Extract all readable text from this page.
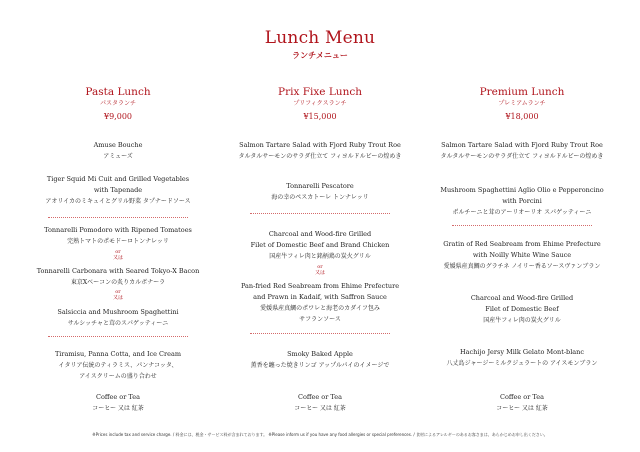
Lunch Menu
ランチメニュー
Pasta Lunch
パスタランチ
¥9,000
Amuse Bouche
アミューズ
Tiger Squid Mi Cuit and Grilled Vegetables
with Tapenade
アオリイカのミキュイとグリル野菜 タプナードソース
Tonnarelli Pomodoro with Ripened Tomatoes
完熟トマトのポモドーロトンナレッリ
or
又は
Tonnarelli Carbonara with Seared Tokyo-X Bacon
東京Xベーコンの炙りカルボナーラ
or
又は
Salsiccia and Mushroom Spaghettini
サルシッチャと茸のスパゲッティーニ
Tiramisu, Panna Cotta, and Ice Cream
イタリア伝統のティラミス、パンナコッタ、
アイスクリームの盛り合わせ
Coffee or Tea
コーヒー 又は 紅茶
Prix Fixe Lunch
プリフィクスランチ
¥15,000
Salmon Tartare Salad with Fjord Ruby Trout Roe
タルタルサーモンのサラダ仕立て フィヨルドルビーの煌めき
Tonnarelli Pescatore
海の幸のペスカトーレ トンナレッリ
Charcoal and Wood-fire Grilled
Filet of Domestic Beef and Brand Chicken
国産牛フィレ肉と銘柄鶏の炭火グリル
or
又は
Pan-fried Red Seabream from Ehime Prefecture
and Prawn in Kadaif, with Saffron Sauce
愛媛県産真鯛のポワレと海老のカダイフ包み
サフランソース
Smoky Baked Apple
薫香を纏った焼きリンゴ アップルパイのイメージで
Coffee or Tea
コーヒー 又は 紅茶
Premium Lunch
プレミアムランチ
¥18,000
Salmon Tartare Salad with Fjord Ruby Trout Roe
タルタルサーモンのサラダ仕立て フィヨルドルビーの煌めき
Mushroom Spaghettini Aglio Olio e Pepperoncino
with Porcini
ポルチーニと茸のアーリオーリオ スパゲッティーニ
Gratin of Red Seabream from Ehime Prefecture
with Noilly White Wine Sauce
愛媛県産真鯛のグラチネ ノイリー香るソースヴァンブラン
Charcoal and Wood-fire Grilled
Filet of Domestic Beef
国産牛フィレ肉の炭火グリル
Hachijo Jersy Milk Gelato Mont-blanc
八丈島ジャージーミルクジェラートの アイスモンブラン
Coffee or Tea
コーヒー 又は 紅茶
※Prices include tax and service charge. / 料金には、税金・サービス料が含まれております。 ※Please inform us if you have any food allergies or special preferences. / 食材によるアレルギーのあるお客さまは、あらかじめお申し出ください。
